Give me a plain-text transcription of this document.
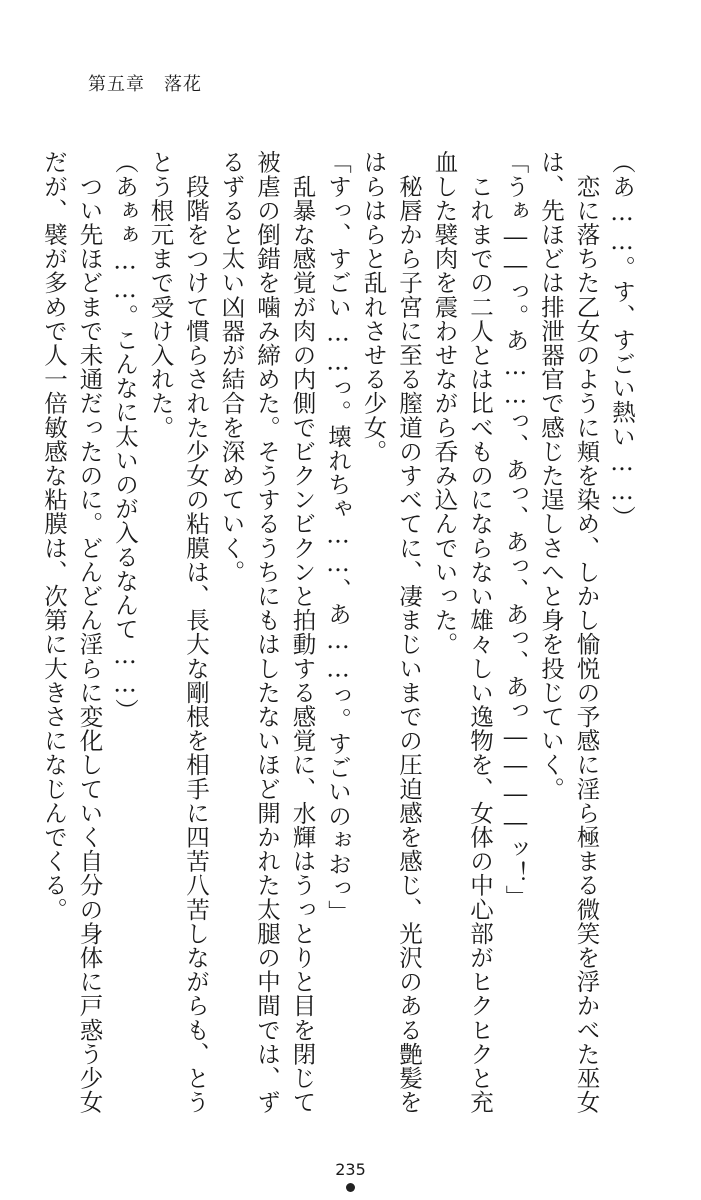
第五章　落花
（あ……。す、すごい熱い……）
　恋に落ちた乙女のように頬を染め、しかし愉悦の予感に淫ら極まる微笑を浮かべた巫女
は、先ほどは排泄器官で感じた逞しさへと身を投じていく。
「うぁ――っ。あ……っ、あっ、あっ、あっ、あっ――――ッ！」
　これまでの二人とは比べものにならない雄々しい逸物を、女体の中心部がヒクヒクと充
血した襞肉を震わせながら呑み込んでいった。
　秘唇から子宮に至る膣道のすべてに、凄まじいまでの圧迫感を感じ、光沢のある艶髪を
はらはらと乱れさせる少女。
「すっ、すごい……っ。壊れちゃ……、あ……っ。すごいのぉおっ」
　乱暴な感覚が肉の内側でビクンビクンと拍動する感覚に、水輝はうっとりと目を閉じて
被虐の倒錯を噛み締めた。そうするうちにもはしたないほど開かれた太腿の中間では、ず
るずると太い凶器が結合を深めていく。
　段階をつけて慣らされた少女の粘膜は、長大な剛根を相手に四苦八苦しながらも、とう
とう根元まで受け入れた。
（あぁぁ……。こんなに太いのが入るなんて……）
　つい先ほどまで未通だったのに。どんどん淫らに変化していく自分の身体に戸惑う少女
だが、襞が多めで人一倍敏感な粘膜は、次第に大きさになじんでくる。
235
